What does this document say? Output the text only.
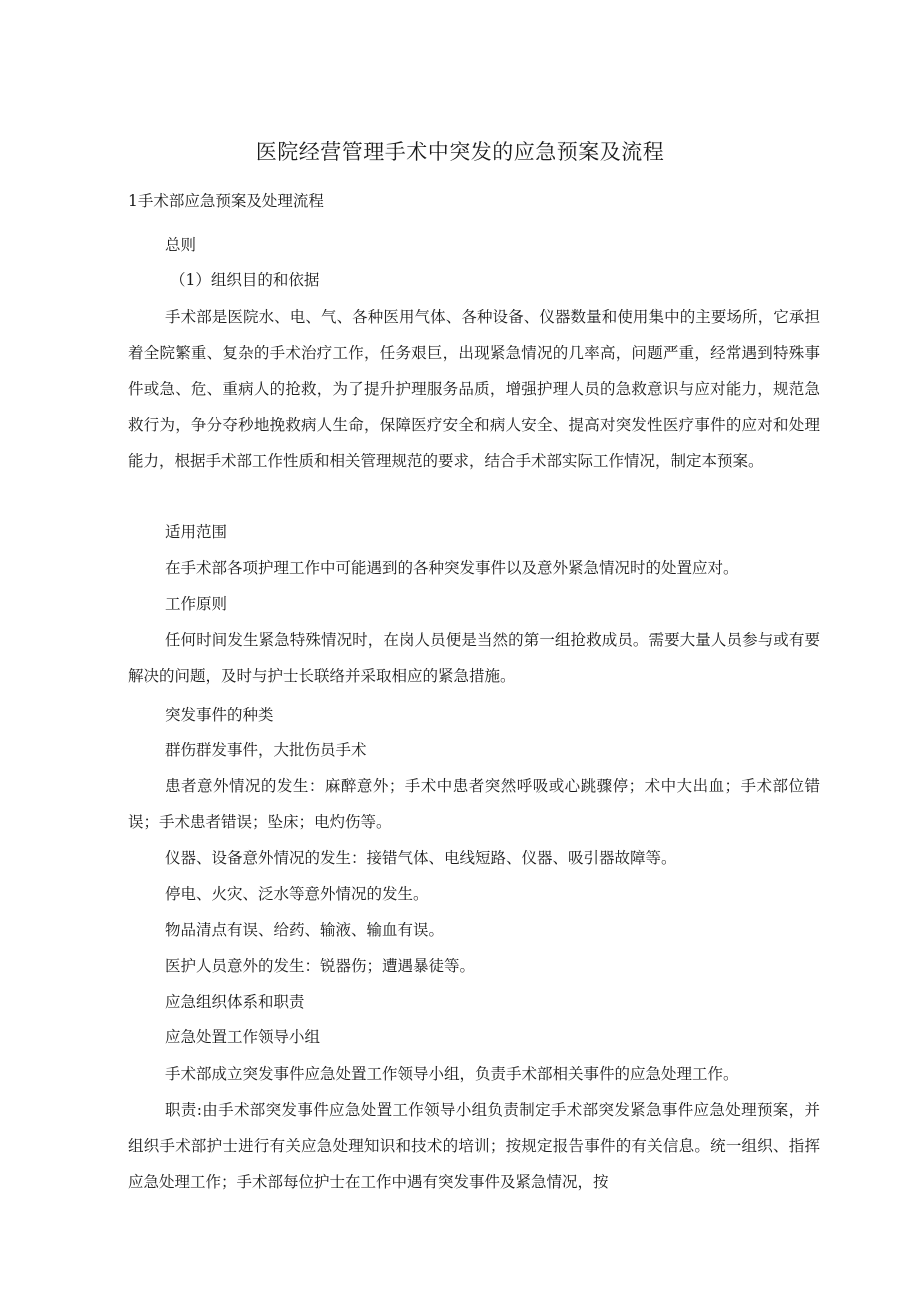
医院经营管理手术中突发的应急预案及流程
1手术部应急预案及处理流程
总则
（1）组织目的和依据
手术部是医院水、电、气、各种医用气体、各种设备、仪器数量和使用集中的主要场所，它承担着全院繁重、复杂的手术治疗工作，任务艰巨，出现紧急情况的几率高，问题严重，经常遇到特殊事件或急、危、重病人的抢救，为了提升护理服务品质，增强护理人员的急救意识与应对能力，规范急救行为，争分夺秒地挽救病人生命，保障医疗安全和病人安全、提高对突发性医疗事件的应对和处理能力，根据手术部工作性质和相关管理规范的要求，结合手术部实际工作情况，制定本预案。
适用范围
在手术部各项护理工作中可能遇到的各种突发事件以及意外紧急情况时的处置应对。
工作原则
任何时间发生紧急特殊情况时，在岗人员便是当然的第一组抢救成员。需要大量人员参与或有要解决的问题，及时与护士长联络并采取相应的紧急措施。
突发事件的种类
群伤群发事件，大批伤员手术
患者意外情况的发生：麻醉意外；手术中患者突然呼吸或心跳骤停；术中大出血；手术部位错误；手术患者错误；坠床；电灼伤等。
仪器、设备意外情况的发生：接错气体、电线短路、仪器、吸引器故障等。
停电、火灾、泛水等意外情况的发生。
物品清点有误、给药、输液、输血有误。
医护人员意外的发生：锐器伤；遭遇暴徒等。
应急组织体系和职责
应急处置工作领导小组
手术部成立突发事件应急处置工作领导小组，负责手术部相关事件的应急处理工作。
职责:由手术部突发事件应急处置工作领导小组负责制定手术部突发紧急事件应急处理预案，并组织手术部护士进行有关应急处理知识和技术的培训；按规定报告事件的有关信息。统一组织、指挥应急处理工作；手术部每位护士在工作中遇有突发事件及紧急情况，按
